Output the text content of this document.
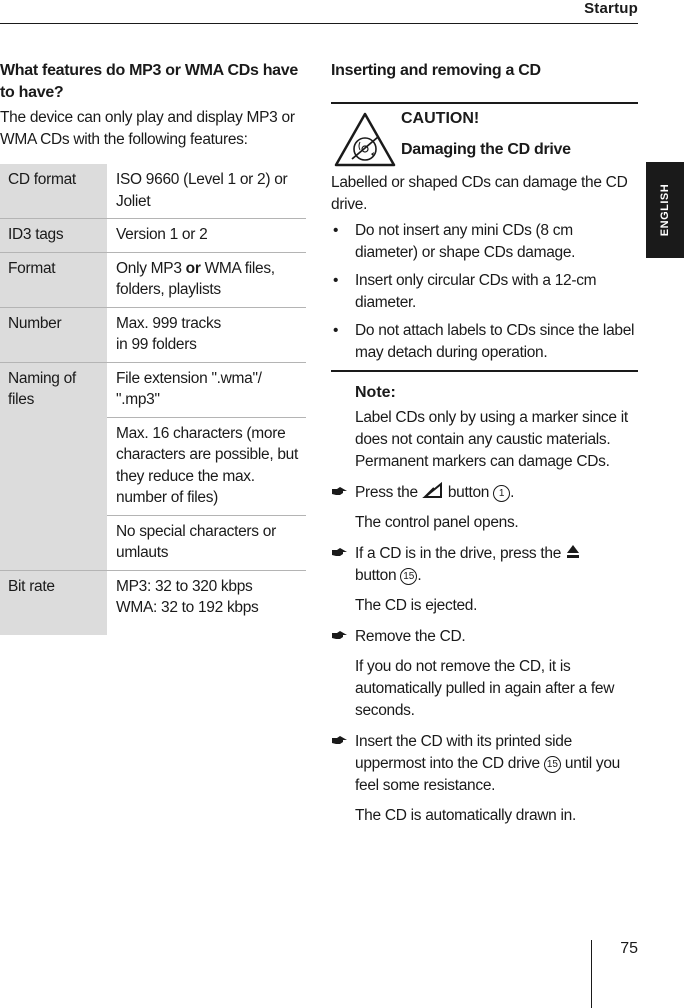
Startup
ENGLISH
What features do MP3 or WMA CDs have to have?

The device can only play and display MP3 or WMA CDs with the following features:

CD format	ISO 9660 (Level 1 or 2) or Joliet
ID3 tags	Version 1 or 2
Format	Only MP3 or WMA files, folders, playlists
Number	Max. 999 tracks
in 99 folders

Naming of files	File extension ".wma"/ ".mp3"
	Max. 16 characters (more characters are possible, but they reduce the max. number of files)
	No special characters or umlauts
Bit rate	MP3: 32 to 320 kbps
WMA: 32 to 192 kbps
Inserting and removing a CD
CAUTION!
Damaging the CD drive

Labelled or shaped CDs can damage the CD drive.

• Do not insert any mini CDs (8 cm diameter) or shape CDs damage.
• Insert only circular CDs with a 12-cm diameter.
• Do not attach labels to CDs since the label may detach during operation.
Note:

Label CDs only by using a marker since it does not contain any caustic materials. Permanent markers can damage CDs.

Press the button 1 .

The control panel opens.

If a CD is in the drive, press the
button 15 .

The CD is ejected.

Remove the CD.

If you do not remove the CD, it is automatically pulled in again after a few seconds.

Insert the CD with its printed side uppermost into the CD drive 15 until you feel some resistance.

The CD is automatically drawn in.

75
